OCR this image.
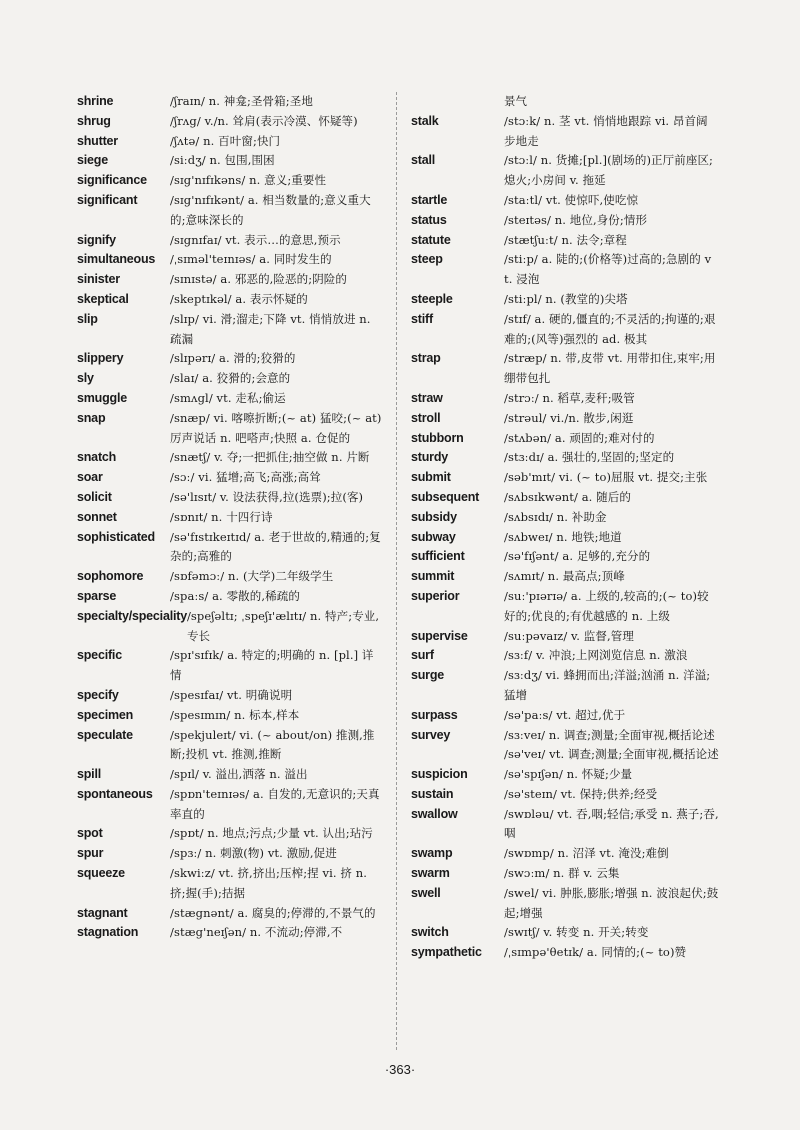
shrine	/ʃraɪn/ n. 神龛;圣骨箱;圣地
shrug	/ʃrʌg/ v./n. 耸肩(表示冷漠、怀疑等)
shutter	/ʃʌtə/ n. 百叶窗;快门
siege	/siːdʒ/ n. 包围,围困
significance	/sɪg'nɪfɪkəns/ n. 意义;重要性
significant	/sɪg'nɪfɪkənt/ a. 相当数量的;意义重大的;意味深长的
signify	/sɪgnɪfaɪ/ vt. 表示…的意思,预示
simultaneous	/ˌsɪməl'teɪnɪəs/ a. 同时发生的
sinister	/sɪnɪstə/ a. 邪恶的,险恶的;阴险的
skeptical	/skeptɪkəl/ a. 表示怀疑的
slip	/slɪp/ vi. 滑;溜走;下降 vt. 悄悄放进 n. 疏漏
slippery	/slɪpərɪ/ a. 滑的;狡猾的
sly	/slaɪ/ a. 狡猾的;会意的
smuggle	/smʌgl/ vt. 走私;偷运
snap	/snæp/ vi. 喀嚓折断;(~ at) 猛咬;(~ at)厉声说话 n. 吧嗒声;快照 a. 仓促的
snatch	/snætʃ/ v. 夺;一把抓住;抽空做 n. 片断
soar	/sɔː/ vi. 猛增;高飞;高涨;高耸
solicit	/sə'lɪsɪt/ v. 设法获得,拉(选票);拉(客)
sonnet	/sɒnɪt/ n. 十四行诗
sophisticated	/sə'fɪstɪkeɪtɪd/ a. 老于世故的,精通的;复杂的;高雅的
sophomore	/sɒfəmɔː/ n. (大学)二年级学生
sparse	/spaːs/ a. 零散的,稀疏的
specialty/speciality /speʃəltɪ; ˌspeʃɪ'ælɪtɪ/ n. 特产;专业,专长
specific	/spɪ'sɪfɪk/ a. 特定的;明确的 n. [pl.] 详情
specify	/spesɪfaɪ/ vt. 明确说明
specimen	/spesɪmɪn/ n. 标本,样本
speculate	/spekjuleɪt/ vi. (~ about/on) 推测,推断;投机 vt. 推测,推断
spill	/spɪl/ v. 溢出,洒落 n. 溢出
spontaneous	/spɒn'teɪnɪəs/ a. 自发的,无意识的;天真率直的
spot	/spɒt/ n. 地点;污点;少量 vt. 认出;玷污
spur	/spɜː/ n. 刺激(物) vt. 激励,促进
squeeze	/skwiːz/ vt. 挤,挤出;压榨;捏 vi. 挤 n. 挤;握(手);拮据
stagnant	/stægnənt/ a. 腐臭的;停滞的,不景气的
stagnation	/stæg'neɪʃən/ n. 不流动;停滞,不
景气
stalk	/stɔːk/ n. 茎 vt. 悄悄地跟踪 vi. 昂首阔步地走
stall	/stɔːl/ n. 货摊;[pl.](剧场的)正厅前座区;熄火;小房间 v. 拖延
startle	/staːtl/ vt. 使惊吓,使吃惊
status	/steɪtəs/ n. 地位,身份;情形
statute	/stætʃuːt/ n. 法令;章程
steep	/stiːp/ a. 陡的;(价格等)过高的;急剧的 vt. 浸泡
steeple	/stiːpl/ n. (教堂的)尖塔
stiff	/stɪf/ a. 硬的,僵直的;不灵活的;拘谨的;艰难的;(风等)强烈的 ad. 极其
strap	/stræp/ n. 带,皮带 vt. 用带扣住,束牢;用绷带包扎
straw	/strɔː/ n. 稻草,麦秆;吸管
stroll	/strəul/ vi./n. 散步,闲逛
stubborn	/stʌbən/ a. 顽固的;难对付的
sturdy	/stɜːdɪ/ a. 强壮的,坚固的;坚定的
submit	/səb'mɪt/ vi. (~ to)屈服 vt. 提交;主张
subsequent	/sʌbsɪkwənt/ a. 随后的
subsidy	/sʌbsɪdɪ/ n. 补助金
subway	/sʌbweɪ/ n. 地铁;地道
sufficient	/sə'fɪʃənt/ a. 足够的,充分的
summit	/sʌmɪt/ n. 最高点;顶峰
superior	/suː'pɪərɪə/ a. 上级的,较高的;(~ to)较好的;优良的;有优越感的 n. 上级
supervise	/suːpəvaɪz/ v. 监督,管理
surf	/sɜːf/ v. 冲浪;上网浏览信息 n. 激浪
surge	/sɜːdʒ/ vi. 蜂拥而出;洋溢;汹涌 n. 洋溢;猛增
surpass	/sə'paːs/ vt. 超过,优于
survey	/sɜːveɪ/ n. 调查;测量;全面审视,概括论述 /sə'veɪ/ vt. 调查;测量;全面审视,概括论述
suspicion	/sə'spɪʃən/ n. 怀疑;少量
sustain	/sə'steɪn/ vt. 保持;供养;经受
swallow	/swɒləu/ vt. 吞,咽;轻信;承受 n. 燕子;吞,咽
swamp	/swɒmp/ n. 沼泽 vt. 淹没;难倒
swarm	/swɔːm/ n. 群 v. 云集
swell	/swel/ vi. 肿胀,膨胀;增强 n. 波浪起伏;鼓起;增强
switch	/swɪtʃ/ v. 转变 n. 开关;转变
sympathetic	/ˌsɪmpə'θetɪk/ a. 同情的;(~ to)赞
·363·
